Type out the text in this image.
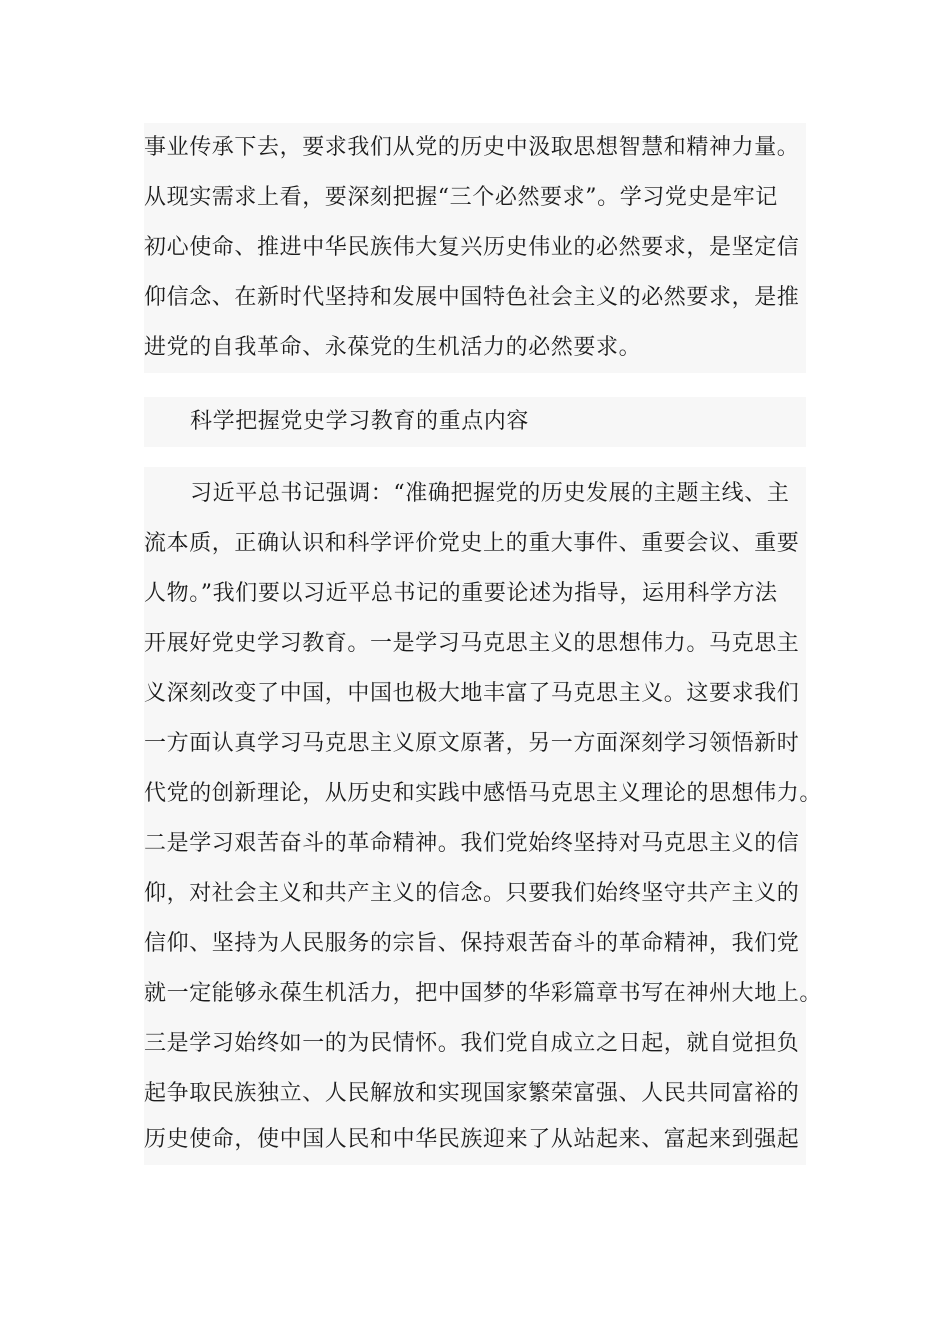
事业传承下去，要求我们从党的历史中汲取思想智慧和精神力量。
从现实需求上看，要深刻把握“三个必然要求”。学习党史是牢记
初心使命、推进中华民族伟大复兴历史伟业的必然要求，是坚定信
仰信念、在新时代坚持和发展中国特色社会主义的必然要求，是推
进党的自我革命、永葆党的生机活力的必然要求。
科学把握党史学习教育的重点内容
习近平总书记强调：“准确把握党的历史发展的主题主线、主
流本质，正确认识和科学评价党史上的重大事件、重要会议、重要
人物。”我们要以习近平总书记的重要论述为指导，运用科学方法
开展好党史学习教育。一是学习马克思主义的思想伟力。马克思主
义深刻改变了中国，中国也极大地丰富了马克思主义。这要求我们
一方面认真学习马克思主义原文原著，另一方面深刻学习领悟新时
代党的创新理论，从历史和实践中感悟马克思主义理论的思想伟力。
二是学习艰苦奋斗的革命精神。我们党始终坚持对马克思主义的信
仰，对社会主义和共产主义的信念。只要我们始终坚守共产主义的
信仰、坚持为人民服务的宗旨、保持艰苦奋斗的革命精神，我们党
就一定能够永葆生机活力，把中国梦的华彩篇章书写在神州大地上。
三是学习始终如一的为民情怀。我们党自成立之日起，就自觉担负
起争取民族独立、人民解放和实现国家繁荣富强、人民共同富裕的
历史使命，使中国人民和中华民族迎来了从站起来、富起来到强起
